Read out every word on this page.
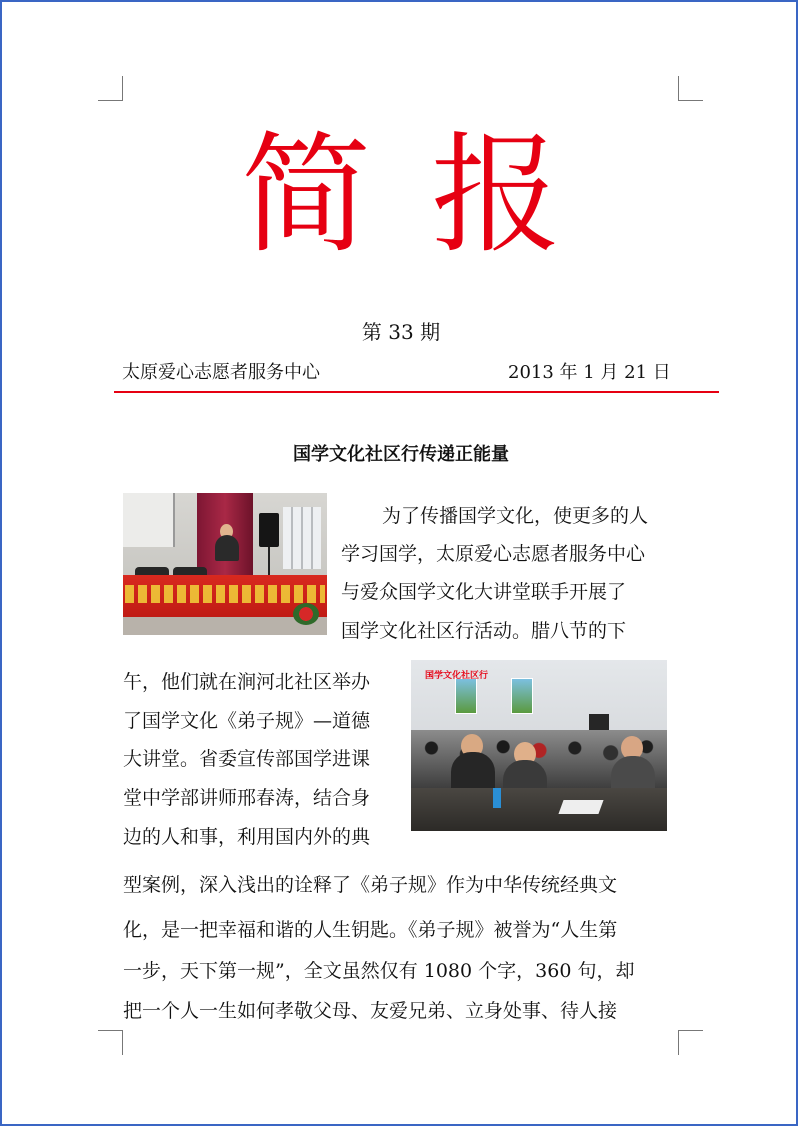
简报
第 33 期
太原爱心志愿者服务中心	2013 年 1 月 21 日
国学文化社区行传递正能量
国学文化社区行
为了传播国学文化，使更多的人
学习国学，太原爱心志愿者服务中心
与爱众国学文化大讲堂联手开展了
国学文化社区行活动。腊八节的下
午，他们就在涧河北社区举办
了国学文化《弟子规》—道德
大讲堂。省委宣传部国学进课
堂中学部讲师邢春涛，结合身
边的人和事，利用国内外的典
型案例，深入浅出的诠释了《弟子规》作为中华传统经典文
化，是一把幸福和谐的人生钥匙。《弟子规》被誉为“人生第
一步，天下第一规”，全文虽然仅有 1080 个字，360 句，却
把一个人一生如何孝敬父母、友爱兄弟、立身处事、待人接
